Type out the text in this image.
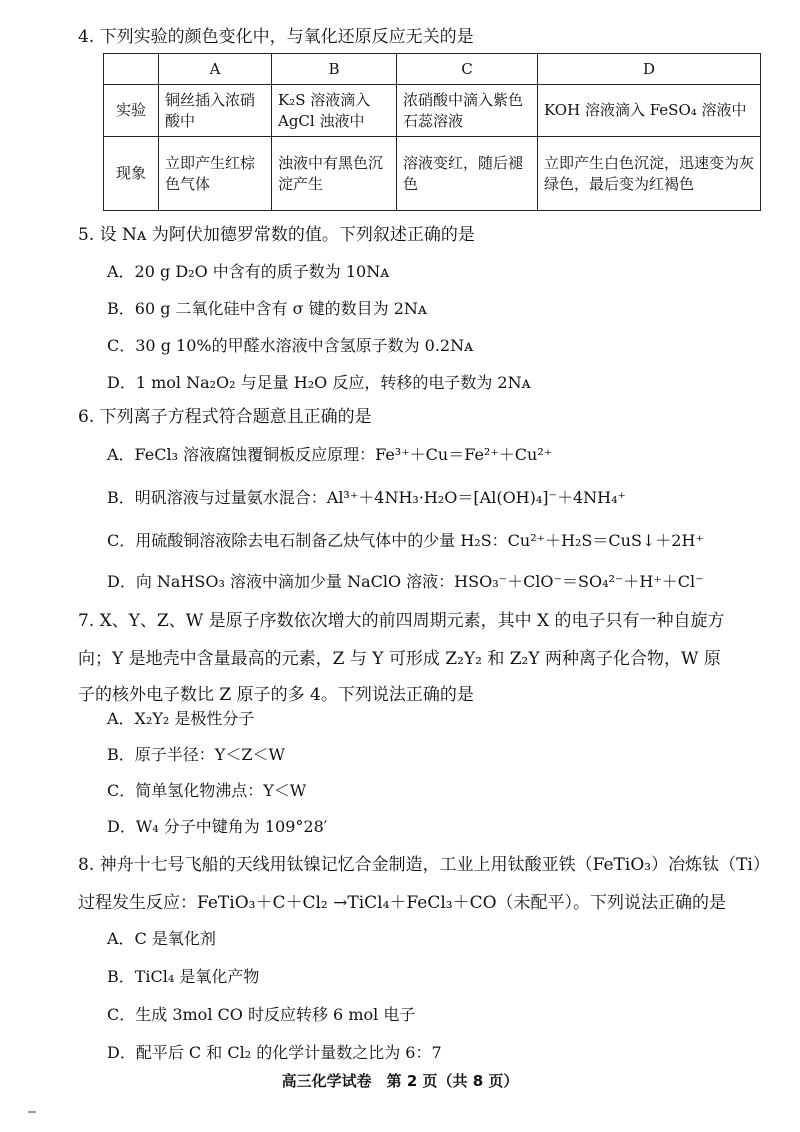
4. 下列实验的颜色变化中，与氧化还原反应无关的是
	A	B	C	D
实验	铜丝插入浓硝酸中	K₂S 溶液滴入AgCl 浊液中	浓硝酸中滴入紫色石蕊溶液	KOH 溶液滴入 FeSO₄ 溶液中
现象	立即产生红棕色气体	浊液中有黑色沉淀产生	溶液变红，随后褪色	立即产生白色沉淀，迅速变为灰绿色，最后变为红褐色
5. 设 Nᴀ 为阿伏加德罗常数的值。下列叙述正确的是
A．20 g D₂O 中含有的质子数为 10Nᴀ
B．60 g 二氧化硅中含有 σ 键的数目为 2Nᴀ
C．30 g 10%的甲醛水溶液中含氢原子数为 0.2Nᴀ
D．1 mol Na₂O₂ 与足量 H₂O 反应，转移的电子数为 2Nᴀ
6. 下列离子方程式符合题意且正确的是
A．FeCl₃ 溶液腐蚀覆铜板反应原理：Fe³⁺＋Cu＝Fe²⁺＋Cu²⁺
B．明矾溶液与过量氨水混合：Al³⁺＋4NH₃·H₂O＝[Al(OH)₄]⁻＋4NH₄⁺
C．用硫酸铜溶液除去电石制备乙炔气体中的少量 H₂S：Cu²⁺＋H₂S＝CuS↓＋2H⁺
D．向 NaHSO₃ 溶液中滴加少量 NaClO 溶液：HSO₃⁻＋ClO⁻＝SO₄²⁻＋H⁺＋Cl⁻
7. X、Y、Z、W 是原子序数依次增大的前四周期元素，其中 X 的电子只有一种自旋方
向；Y 是地壳中含量最高的元素，Z 与 Y 可形成 Z₂Y₂ 和 Z₂Y 两种离子化合物，W 原
子的核外电子数比 Z 原子的多 4。下列说法正确的是
A．X₂Y₂ 是极性分子
B．原子半径：Y＜Z＜W
C．简单氢化物沸点：Y＜W
D．W₄ 分子中键角为 109°28′
8. 神舟十七号飞船的天线用钛镍记忆合金制造，工业上用钛酸亚铁（FeTiO₃）冶炼钛（Ti）
过程发生反应：FeTiO₃＋C＋Cl₂ →TiCl₄＋FeCl₃＋CO（未配平）。下列说法正确的是
A．C 是氧化剂
B．TiCl₄ 是氧化产物
C．生成 3mol CO 时反应转移 6 mol 电子
D．配平后 C 和 Cl₂ 的化学计量数之比为 6：7
高三化学试卷　第 2 页（共 8 页）
